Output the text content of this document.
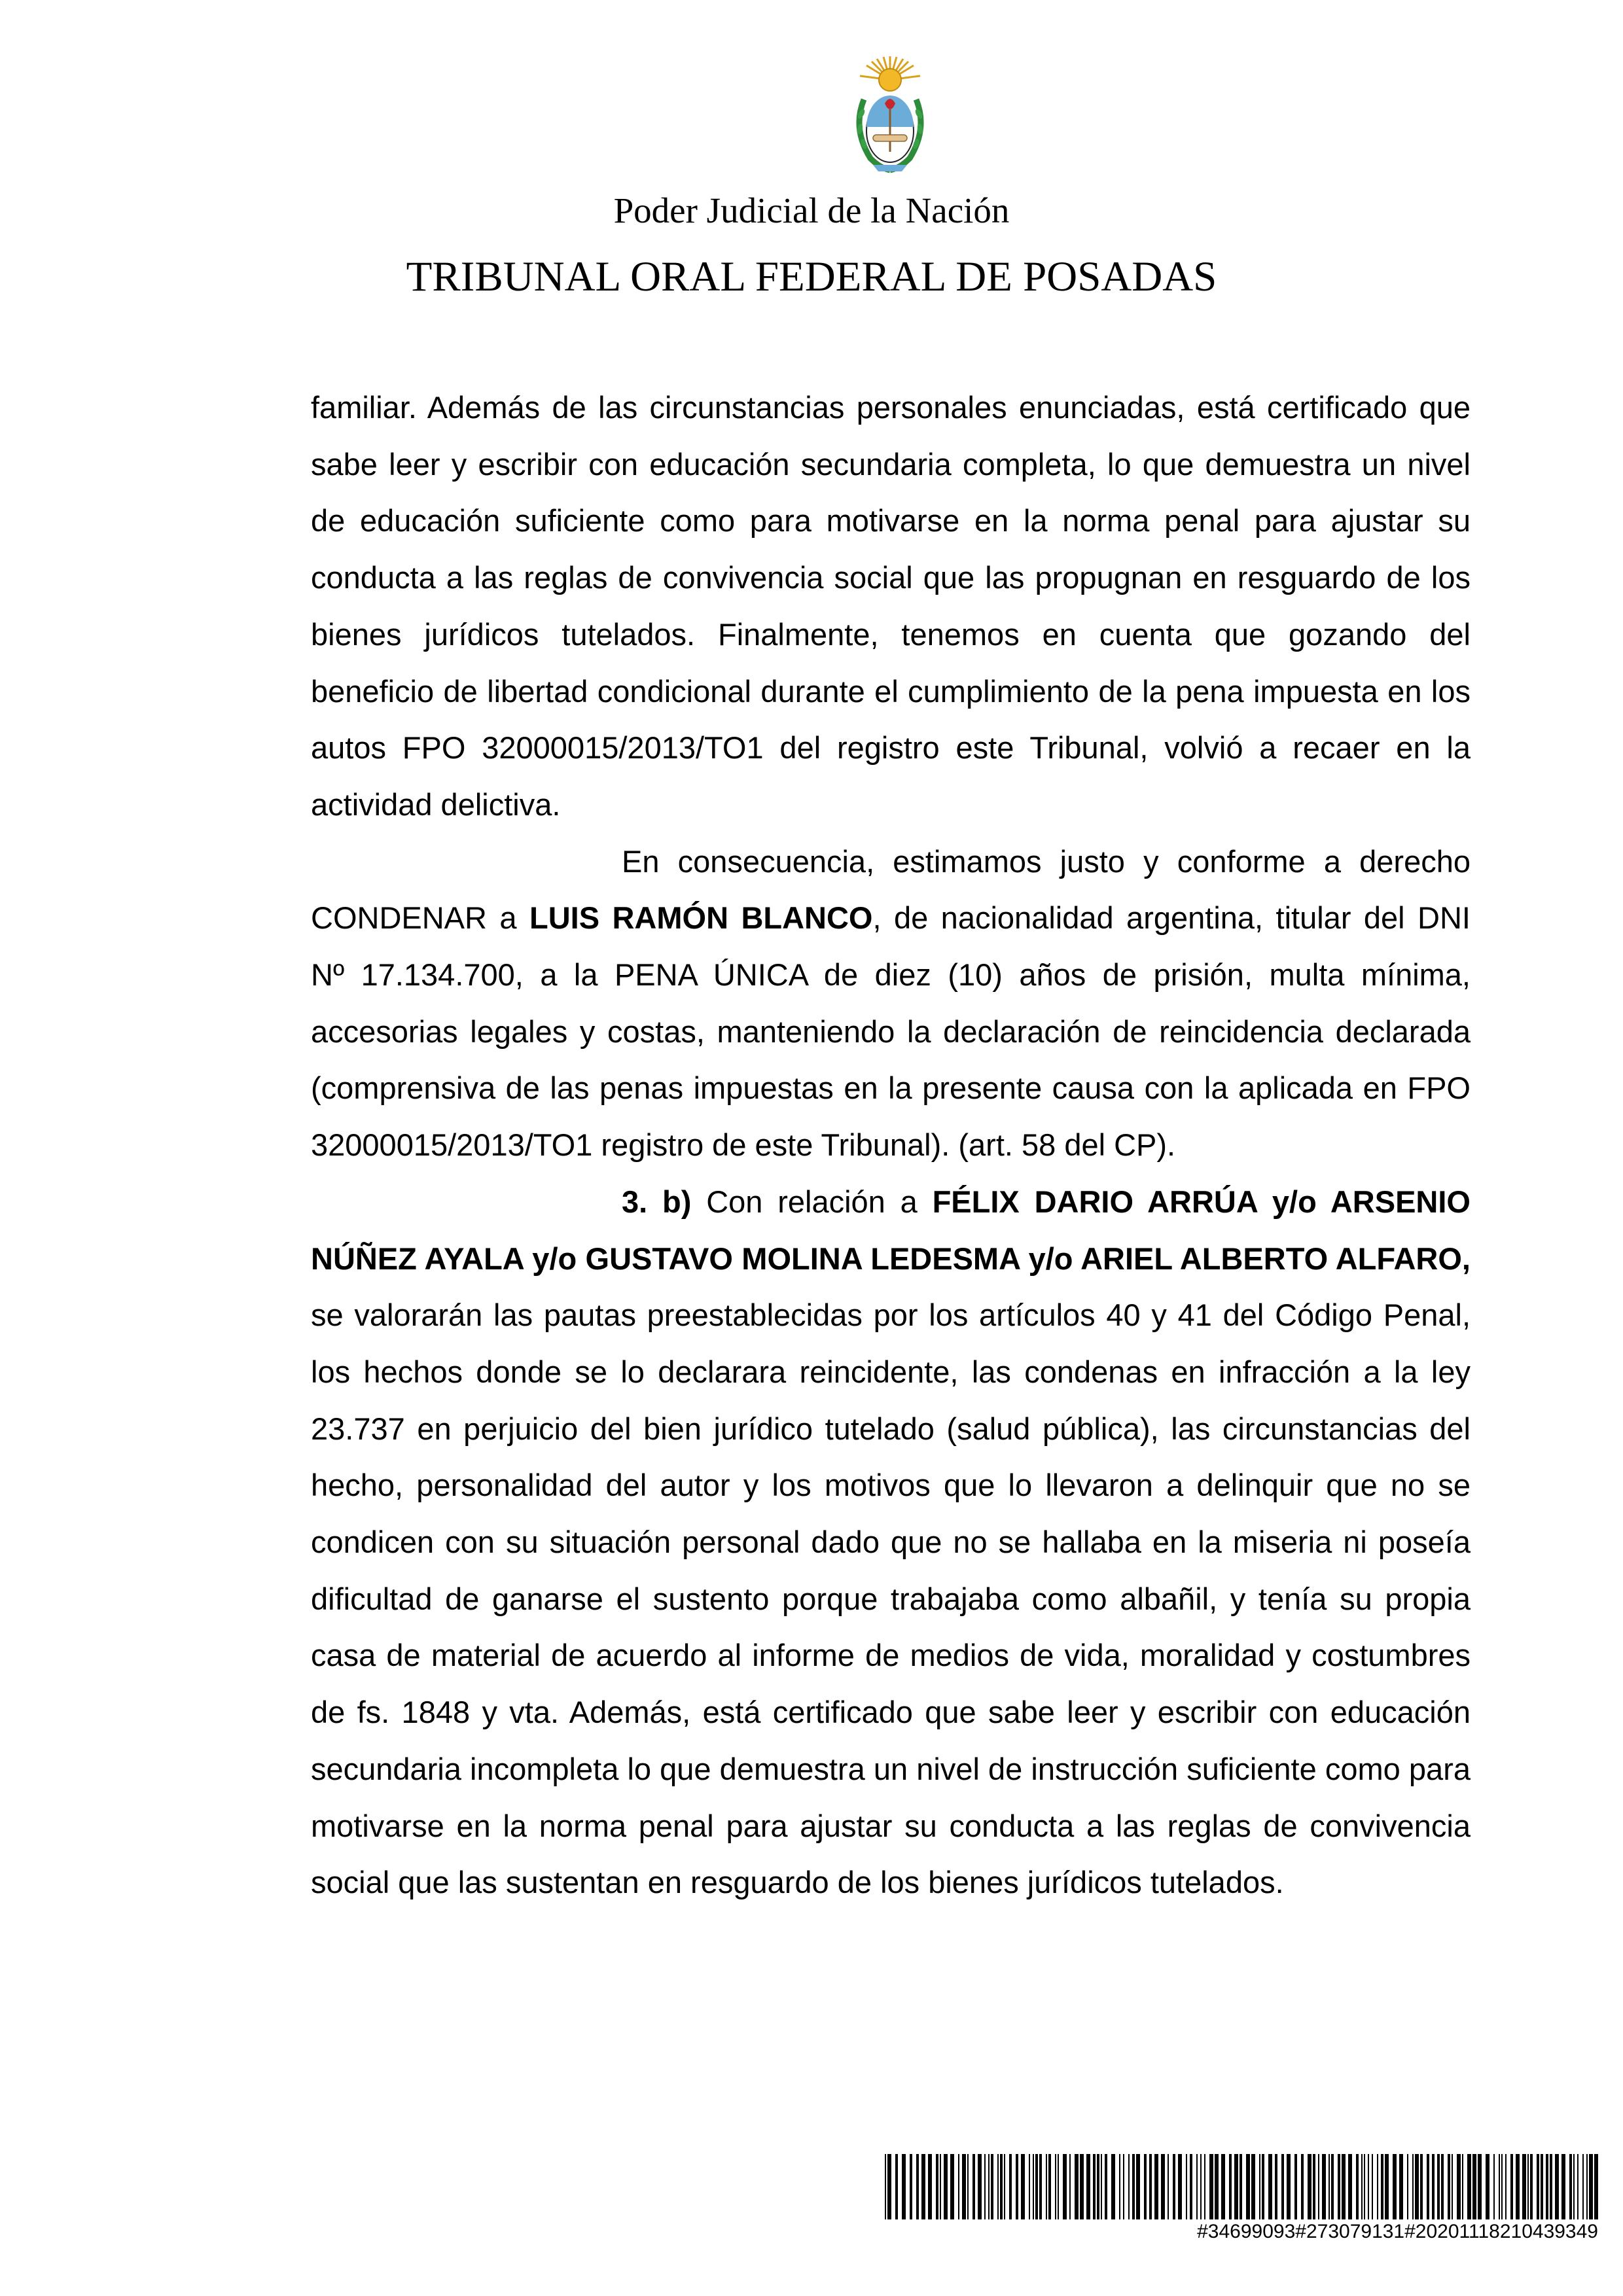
Poder Judicial de la Nación
TRIBUNAL ORAL FEDERAL DE POSADAS

familiar. Además de las circunstancias personales enunciadas, está certificado que sabe leer y escribir con educación secundaria completa, lo que demuestra un nivel de educación suficiente como para motivarse en la norma penal para ajustar su conducta a las reglas de convivencia social que las propugnan en resguardo de los bienes jurídicos tutelados. Finalmente, tenemos en cuenta que gozando del beneficio de libertad condicional durante el cumplimiento de la pena impuesta en los autos FPO 32000015/2013/TO1 del registro este Tribunal, volvió a recaer en la actividad delictiva.

En consecuencia, estimamos justo y conforme a derecho CONDENAR a LUIS RAMÓN BLANCO, de nacionalidad argentina, titular del DNI Nº 17.134.700, a la PENA ÚNICA de diez (10) años de prisión, multa mínima, accesorias legales y costas, manteniendo la declaración de reincidencia declarada (comprensiva de las penas impuestas en la presente causa con la aplicada en FPO 32000015/2013/TO1 registro de este Tribunal). (art. 58 del CP).

3. b) Con relación a FÉLIX DARIO ARRÚA y/o ARSENIO NÚÑEZ AYALA y/o GUSTAVO MOLINA LEDESMA y/o ARIEL ALBERTO ALFARO, se valorarán las pautas preestablecidas por los artículos 40 y 41 del Código Penal, los hechos donde se lo declarara reincidente, las condenas en infracción a la ley 23.737 en perjuicio del bien jurídico tutelado (salud pública), las circunstancias del hecho, personalidad del autor y los motivos que lo llevaron a delinquir que no se condicen con su situación personal dado que no se hallaba en la miseria ni poseía dificultad de ganarse el sustento porque trabajaba como albañil, y tenía su propia casa de material de acuerdo al informe de medios de vida, moralidad y costumbres de fs. 1848 y vta. Además, está certificado que sabe leer y escribir con educación secundaria incompleta lo que demuestra un nivel de instrucción suficiente como para motivarse en la norma penal para ajustar su conducta a las reglas de convivencia social que las sustentan en resguardo de los bienes jurídicos tutelados.

#34699093#273079131#20201118210439349
